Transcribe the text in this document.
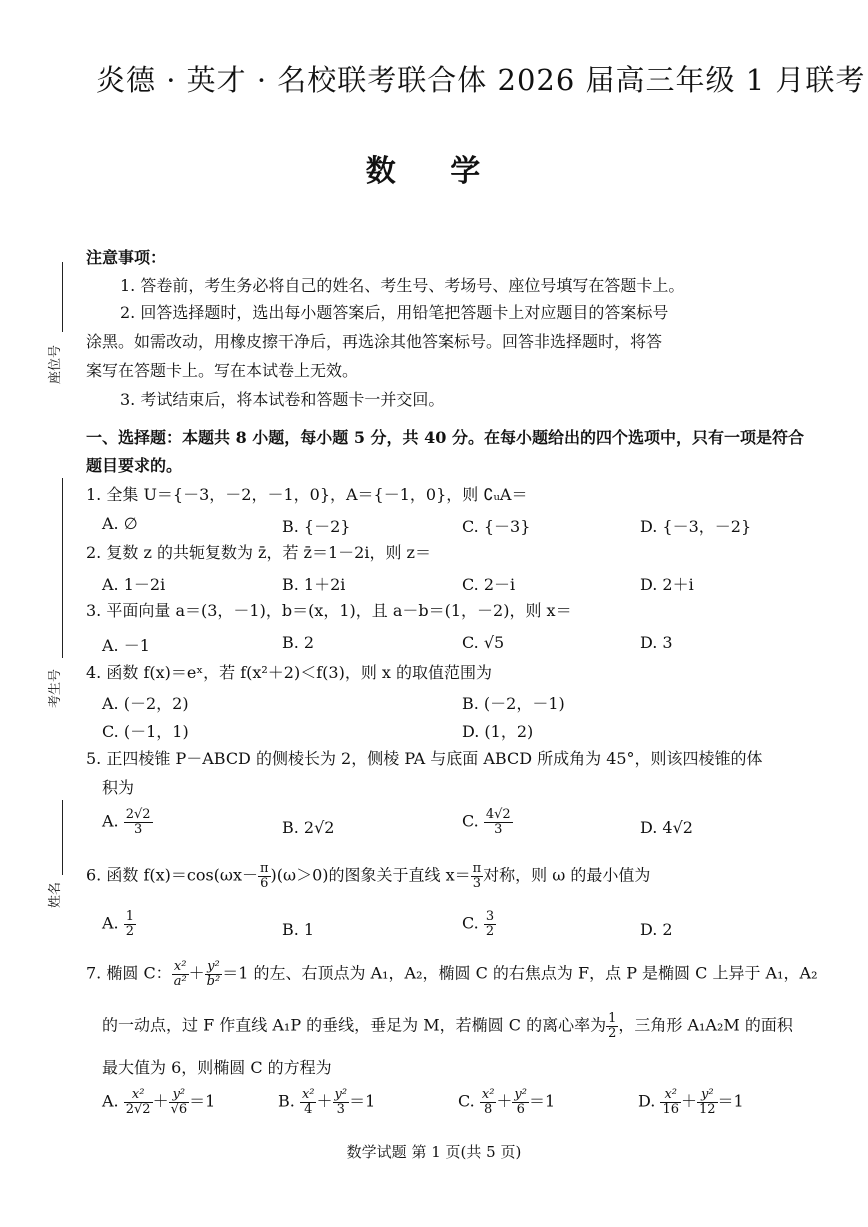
炎德 · 英才 · 名校联考联合体 2026 届高三年级 1 月联考
数 学
座位号
考生号
姓名
注意事项：
1. 答卷前，考生务必将自己的姓名、考生号、考场号、座位号填写在答题卡上。
2. 回答选择题时，选出每小题答案后，用铅笔把答题卡上对应题目的答案标号
涂黑。如需改动，用橡皮擦干净后，再选涂其他答案标号。回答非选择题时，将答
案写在答题卡上。写在本试卷上无效。
3. 考试结束后，将本试卷和答题卡一并交回。
一、选择题：本题共 8 小题，每小题 5 分，共 40 分。在每小题给出的四个选项中，只有一项是符合
题目要求的。
1. 全集 U＝{－3，－2，－1，0}，A＝{－1，0}，则 ∁ᵤA＝
A. ∅	B. {－2}	C. {－3}	D. {－3，－2}
2. 复数 z 的共轭复数为 z̄，若 z̄＝1－2i，则 z＝
A. 1－2i	B. 1＋2i	C. 2－i	D. 2＋i
3. 平面向量 a＝(3，－1)，b＝(x，1)，且 a－b＝(1，－2)，则 x＝
A. －1	B. 2	C. √5	D. 3
4. 函数 f(x)＝eˣ，若 f(x²＋2)＜f(3)，则 x 的取值范围为
A. (－2，2)	B. (－2，－1)
C. (－1，1)	D. (1，2)
5. 正四棱锥 P－ABCD 的侧棱长为 2，侧棱 PA 与底面 ABCD 所成角为 45°，则该四棱锥的体
积为
A. $\frac{2√2}{3}$	B. 2√2	C. $\frac{4√2}{3}$	D. 4√2
6. 函数 $f(x)=\cos(\omega x- \frac{\pi}{6} )(\omega>0)$的图象关于直线 $x= \frac{\pi}{3}$ 对称，则 ω 的最小值为
A. $\frac{1}{2}$	B. 1	C. $\frac{3}{2}$	D. 2
7. 椭圆 C： $\frac{\text{x²}}{\text{a²}} + \frac{\text{y²}}{\text{b²}} =1$ 的左、右顶点为 A₁，A₂，椭圆 C 的右焦点为 F，点 P 是椭圆 C 上异于 A₁，A₂
的一动点，过 F 作直线 A₁P 的垂线，垂足为 M，若椭圆 C 的离心率为 $\frac{1}{2}$ ，三角形 A₁A₂M 的面积
最大值为 6，则椭圆 C 的方程为
A. $\frac{\text{x²}}{2√2} + \frac{\text{y²}}{√6} =1$	B. $\frac{\text{x²}}{4} + \frac{\text{y²}}{3} =1$	C. $\frac{\text{x²}}{8} + \frac{\text{y²}}{6} =1$	D. $\frac{\text{x²}}{16} + \frac{\text{y²}}{12} =1$
数学试题 第 1 页(共 5 页)
